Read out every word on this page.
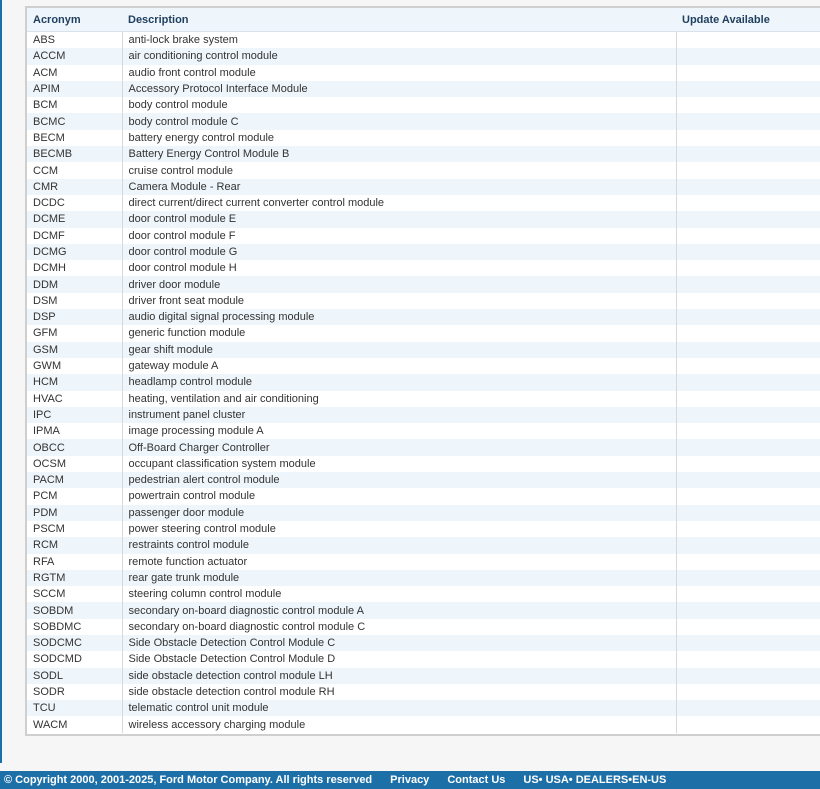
Acronym	Description	Update Available
ABS	anti-lock brake system	
ACCM	air conditioning control module	
ACM	audio front control module	
APIM	Accessory Protocol Interface Module	
BCM	body control module	
BCMC	body control module C	
BECM	battery energy control module	
BECMB	Battery Energy Control Module B	
CCM	cruise control module	
CMR	Camera Module - Rear	
DCDC	direct current/direct current converter control module	
DCME	door control module E	
DCMF	door control module F	
DCMG	door control module G	
DCMH	door control module H	
DDM	driver door module	
DSM	driver front seat module	
DSP	audio digital signal processing module	
GFM	generic function module	
GSM	gear shift module	
GWM	gateway module A	
HCM	headlamp control module	
HVAC	heating, ventilation and air conditioning	
IPC	instrument panel cluster	
IPMA	image processing module A	
OBCC	Off-Board Charger Controller	
OCSM	occupant classification system module	
PACM	pedestrian alert control module	
PCM	powertrain control module	
PDM	passenger door module	
PSCM	power steering control module	
RCM	restraints control module	
RFA	remote function actuator	
RGTM	rear gate trunk module	
SCCM	steering column control module	
SOBDM	secondary on-board diagnostic control module A	
SOBDMC	secondary on-board diagnostic control module C	
SODCMC	Side Obstacle Detection Control Module C	
SODCMD	Side Obstacle Detection Control Module D	
SODL	side obstacle detection control module LH	
SODR	side obstacle detection control module RH	
TCU	telematic control unit module	
WACM	wireless accessory charging module	
© Copyright 2000, 2001-2025, Ford Motor Company. All rights reserved Privacy Contact Us US• USA• DEALERS•EN-US
